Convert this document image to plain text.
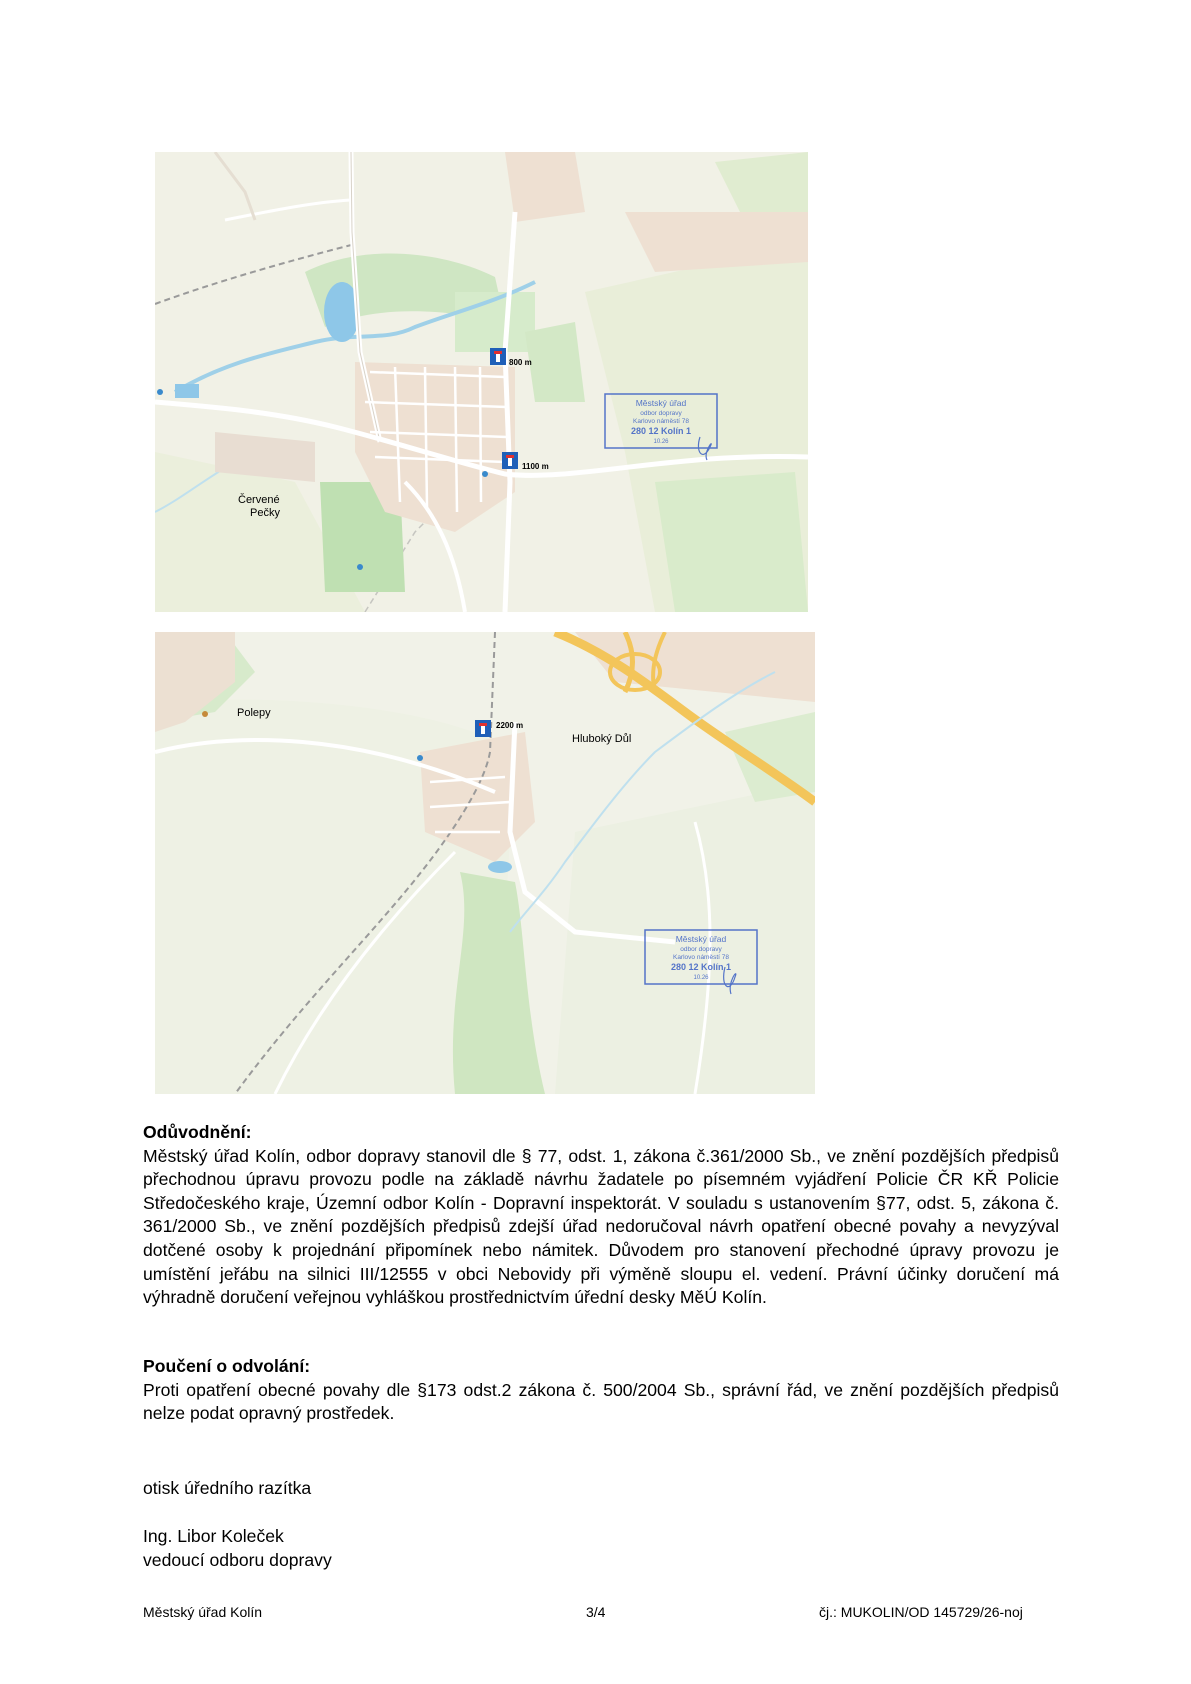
800 m
1100 m
Červené
Pečky
Městský úřad
odbor dopravy
Karlovo náměstí 78
280 12 Kolín 1
10.26
2200 m
Polepy
Hluboký Důl
Městský úřad
odbor dopravy
Karlovo náměstí 78
280 12 Kolín 1
10.26

Odůvodnění:

Městský úřad Kolín, odbor dopravy stanovil dle § 77, odst. 1, zákona č.361/2000 Sb., ve znění pozdějších předpisů přechodnou úpravu provozu podle na základě návrhu žadatele po písemném vyjádření Policie ČR KŘ Policie Středočeského kraje, Územní odbor Kolín - Dopravní inspektorát. V souladu s ustanovením §77, odst. 5, zákona č. 361/2000 Sb., ve znění pozdějších předpisů zdejší úřad nedoručoval návrh opatření obecné povahy a nevyzýval dotčené osoby k projednání připomínek nebo námitek. Důvodem pro stanovení přechodné úpravy provozu je umístění jeřábu na silnici III/12555 v obci Nebovidy při výměně sloupu el. vedení. Právní účinky doručení má výhradně doručení veřejnou vyhláškou prostřednictvím úřední desky MěÚ Kolín.

Poučení o odvolání:

Proti opatření obecné povahy dle §173 odst.2 zákona č. 500/2004 Sb., správní řád, ve znění pozdějších předpisů nelze podat opravný prostředek.

otisk úředního razítka
Ing. Libor Koleček
vedoucí odboru dopravy
Městský úřad Kolín	3/4	čj.: MUKOLIN/OD 145729/26-noj
